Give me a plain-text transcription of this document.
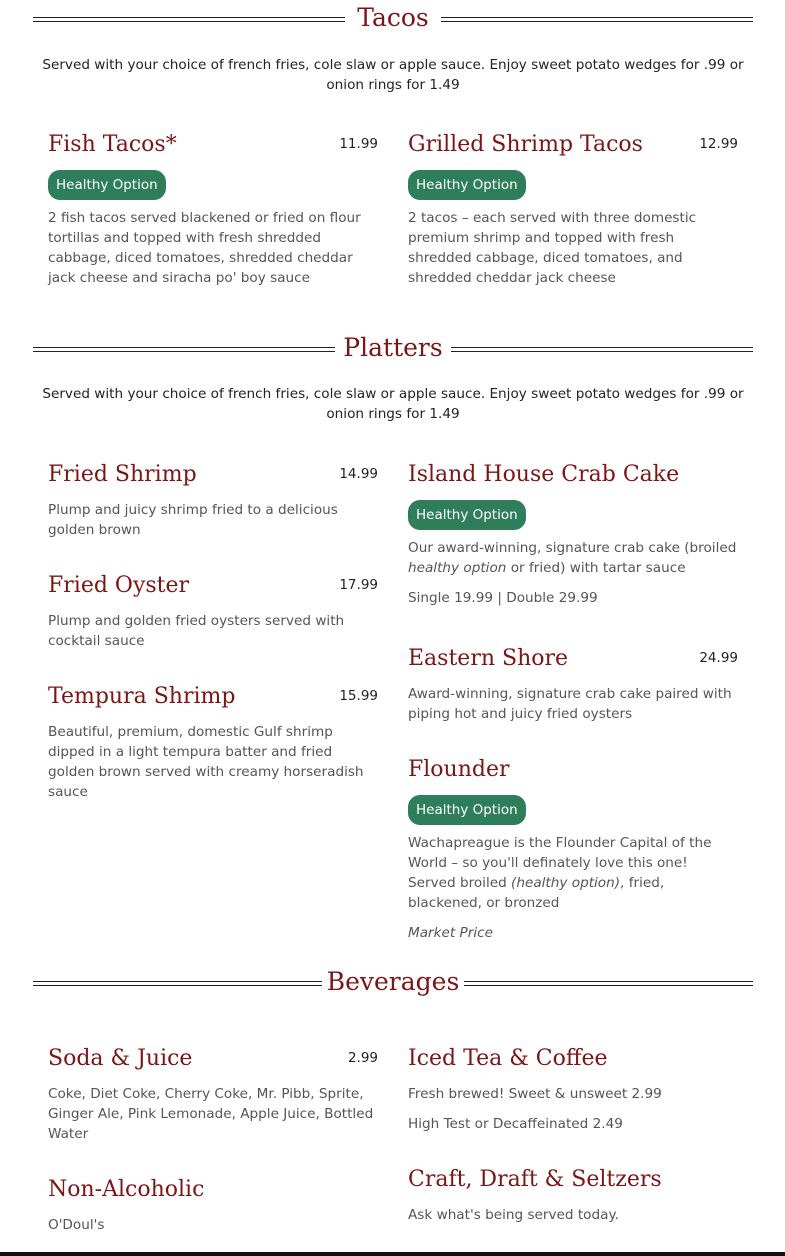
Tacos
Served with your choice of french fries, cole slaw or apple sauce. Enjoy sweet potato wedges for .99 or onion rings for 1.49
Fish Tacos*	11.99
Healthy Option
2 fish tacos served blackened or fried on flour tortillas and topped with fresh shredded cabbage, diced tomatoes, shredded cheddar jack cheese and siracha po' boy sauce
Grilled Shrimp Tacos	12.99
Healthy Option
2 tacos – each served with three domestic premium shrimp and topped with fresh shredded cabbage, diced tomatoes, and shredded cheddar jack cheese
Platters
Served with your choice of french fries, cole slaw or apple sauce. Enjoy sweet potato wedges for .99 or onion rings for 1.49
Fried Shrimp	14.99
Plump and juicy shrimp fried to a delicious golden brown
Fried Oyster	17.99
Plump and golden fried oysters served with cocktail sauce
Tempura Shrimp	15.99
Beautiful, premium, domestic Gulf shrimp dipped in a light tempura batter and fried golden brown served with creamy horseradish sauce
Island House Crab Cake
Healthy Option
Our award-winning, signature crab cake (broiled healthy option or fried) with tartar sauce
Single 19.99 | Double 29.99
Eastern Shore	24.99
Award-winning, signature crab cake paired with piping hot and juicy fried oysters
Flounder
Healthy Option
Wachapreague is the Flounder Capital of the World – so you'll definately love this one! Served broiled (healthy option), fried, blackened, or bronzed
Market Price
Beverages
Soda & Juice	2.99
Coke, Diet Coke, Cherry Coke, Mr. Pibb, Sprite, Ginger Ale, Pink Lemonade, Apple Juice, Bottled Water
Non-Alcoholic
O'Doul's
Iced Tea & Coffee
Fresh brewed! Sweet & unsweet 2.99
High Test or Decaffeinated 2.49
Craft, Draft & Seltzers
Ask what's being served today.
